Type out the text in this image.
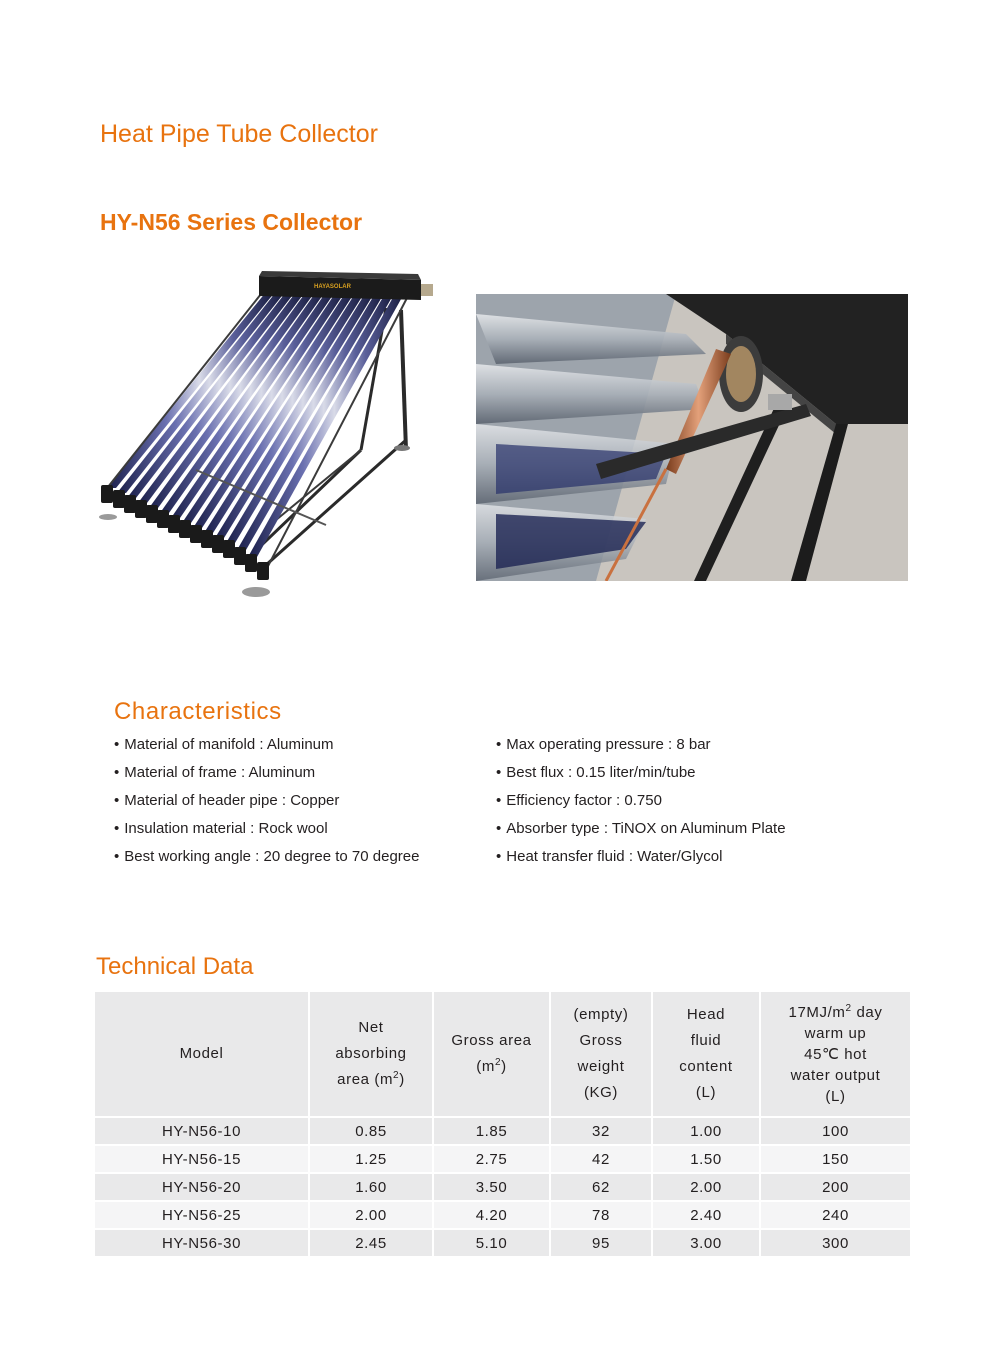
Heat Pipe Tube Collector
HY-N56 Series Collector
HAYASOLAR
Characteristics
• Material of manifold : Aluminum
• Material of frame : Aluminum
• Material of header pipe : Copper
• Insulation material : Rock wool
• Best working angle : 20 degree to 70 degree
• Max operating pressure : 8 bar
• Best flux : 0.15 liter/min/tube
• Efficiency factor : 0.750
• Absorber type : TiNOX on Aluminum Plate
• Heat transfer fluid : Water/Glycol
Technical Data
Model	Net
absorbing
area $(m^2)$	Gross area
$(m^2)$	(empty)
Gross
weight
(KG)	Head
fluid
content
(L)	$17MJ/m^2$ day
warm up
45℃ hot
water output
(L)

HY-N56-10	0.85	1.85	32	1.00	100
HY-N56-15	1.25	2.75	42	1.50	150
HY-N56-20	1.60	3.50	62	2.00	200
HY-N56-25	2.00	4.20	78	2.40	240
HY-N56-30	2.45	5.10	95	3.00	300
